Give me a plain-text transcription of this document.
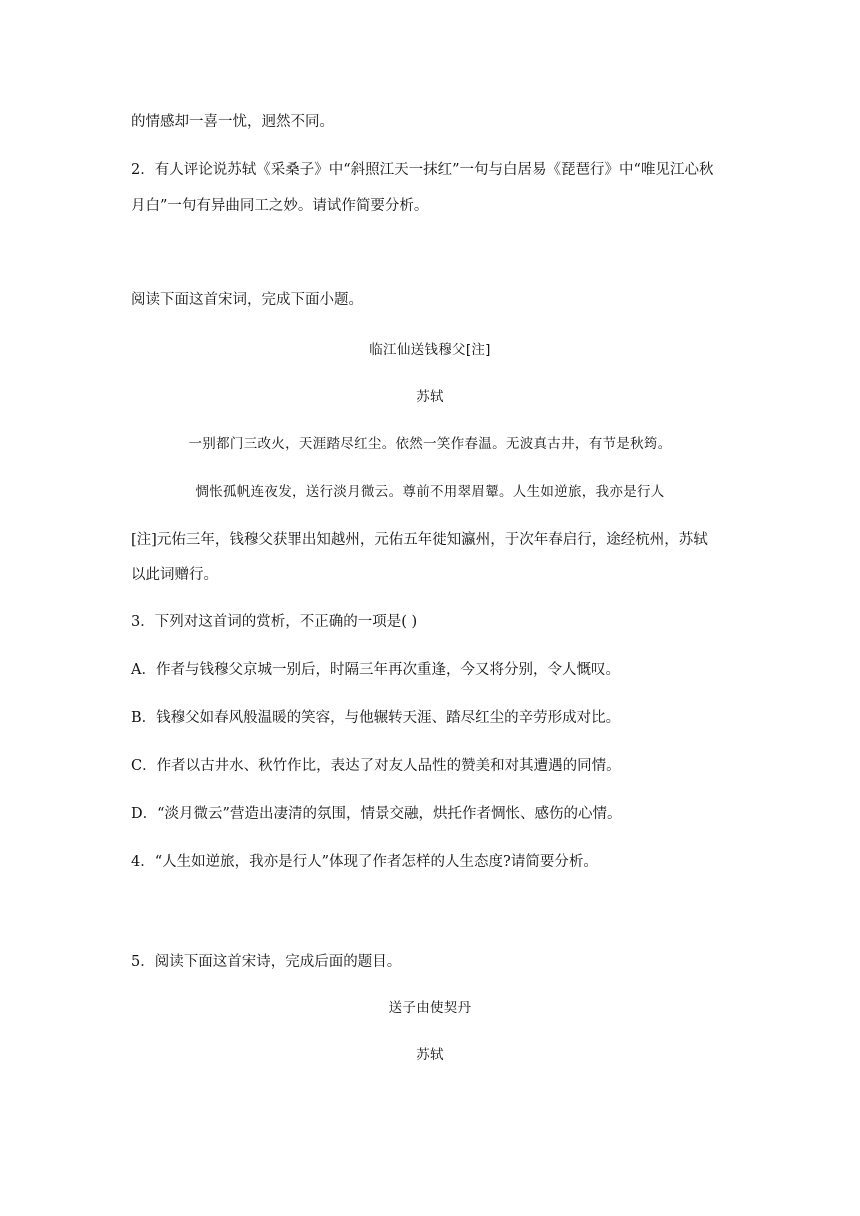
的情感却一喜一忧，迥然不同。
2．有人评论说苏轼《采桑子》中“斜照江天一抹红”一句与白居易《琵琶行》中“唯见江心秋
月白”一句有异曲同工之妙。请试作简要分析。
阅读下面这首宋词，完成下面小题。
临江仙送钱穆父[注]
苏轼
一别都门三改火，天涯踏尽红尘。依然一笑作春温。无波真古井，有节是秋筠。
惆怅孤帆连夜发，送行淡月微云。尊前不用翠眉颦。人生如逆旅，我亦是行人
[注]元佑三年，钱穆父获罪出知越州，元佑五年徙知瀛州，于次年春启行，途经杭州，苏轼
以此词赠行。
3．下列对这首词的赏析，不正确的一项是( )
A．作者与钱穆父京城一别后，时隔三年再次重逢，今又将分别，令人慨叹。
B．钱穆父如春风般温暖的笑容，与他辗转天涯、踏尽红尘的辛劳形成对比。
C．作者以古井水、秋竹作比，表达了对友人品性的赞美和对其遭遇的同情。
D．“淡月微云”营造出凄清的氛围，情景交融，烘托作者惆怅、感伤的心情。
4．“人生如逆旅，我亦是行人”体现了作者怎样的人生态度?请简要分析。
5．阅读下面这首宋诗，完成后面的题目。
送子由使契丹
苏轼
